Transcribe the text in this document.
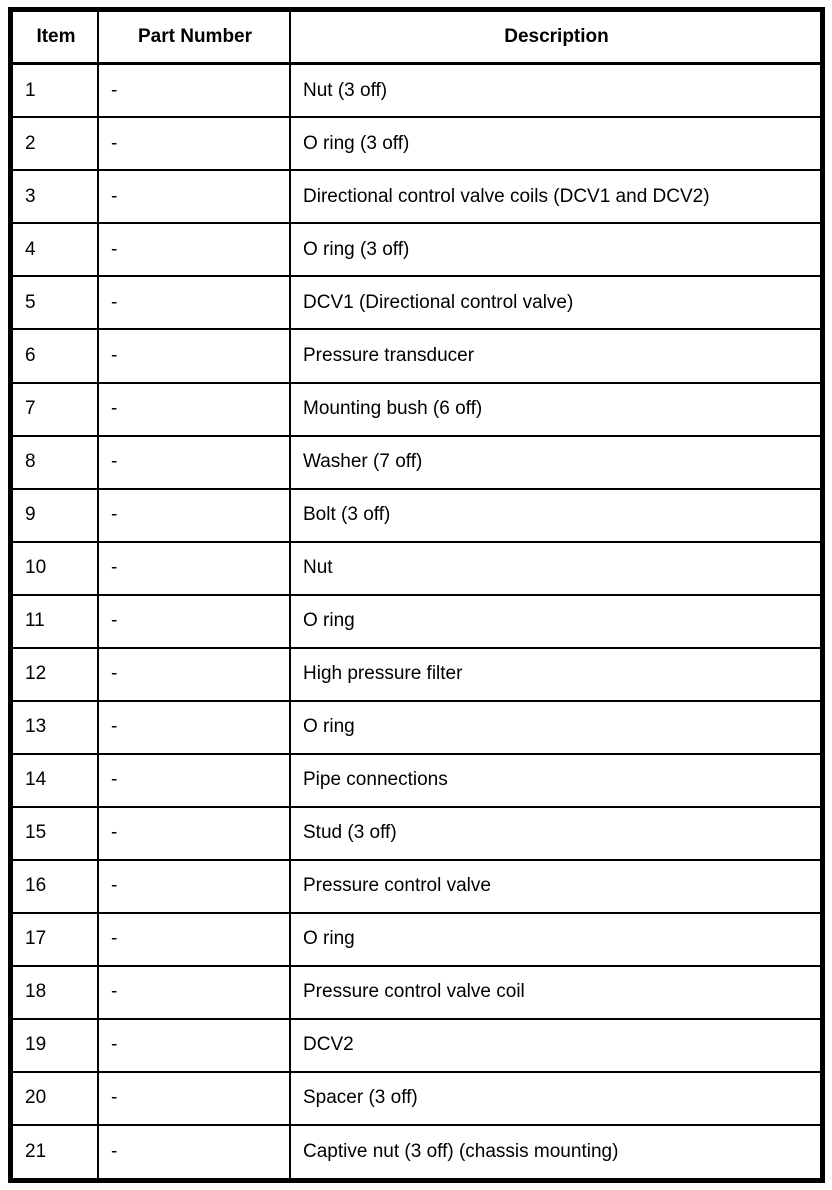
Item	Part Number	Description
1	-	Nut (3 off)
2	-	O ring (3 off)
3	-	Directional control valve coils (DCV1 and DCV2)
4	-	O ring (3 off)
5	-	DCV1 (Directional control valve)
6	-	Pressure transducer
7	-	Mounting bush (6 off)
8	-	Washer (7 off)
9	-	Bolt (3 off)
10	-	Nut
11	-	O ring
12	-	High pressure filter
13	-	O ring
14	-	Pipe connections
15	-	Stud (3 off)
16	-	Pressure control valve
17	-	O ring
18	-	Pressure control valve coil
19	-	DCV2
20	-	Spacer (3 off)
21	-	Captive nut (3 off) (chassis mounting)
